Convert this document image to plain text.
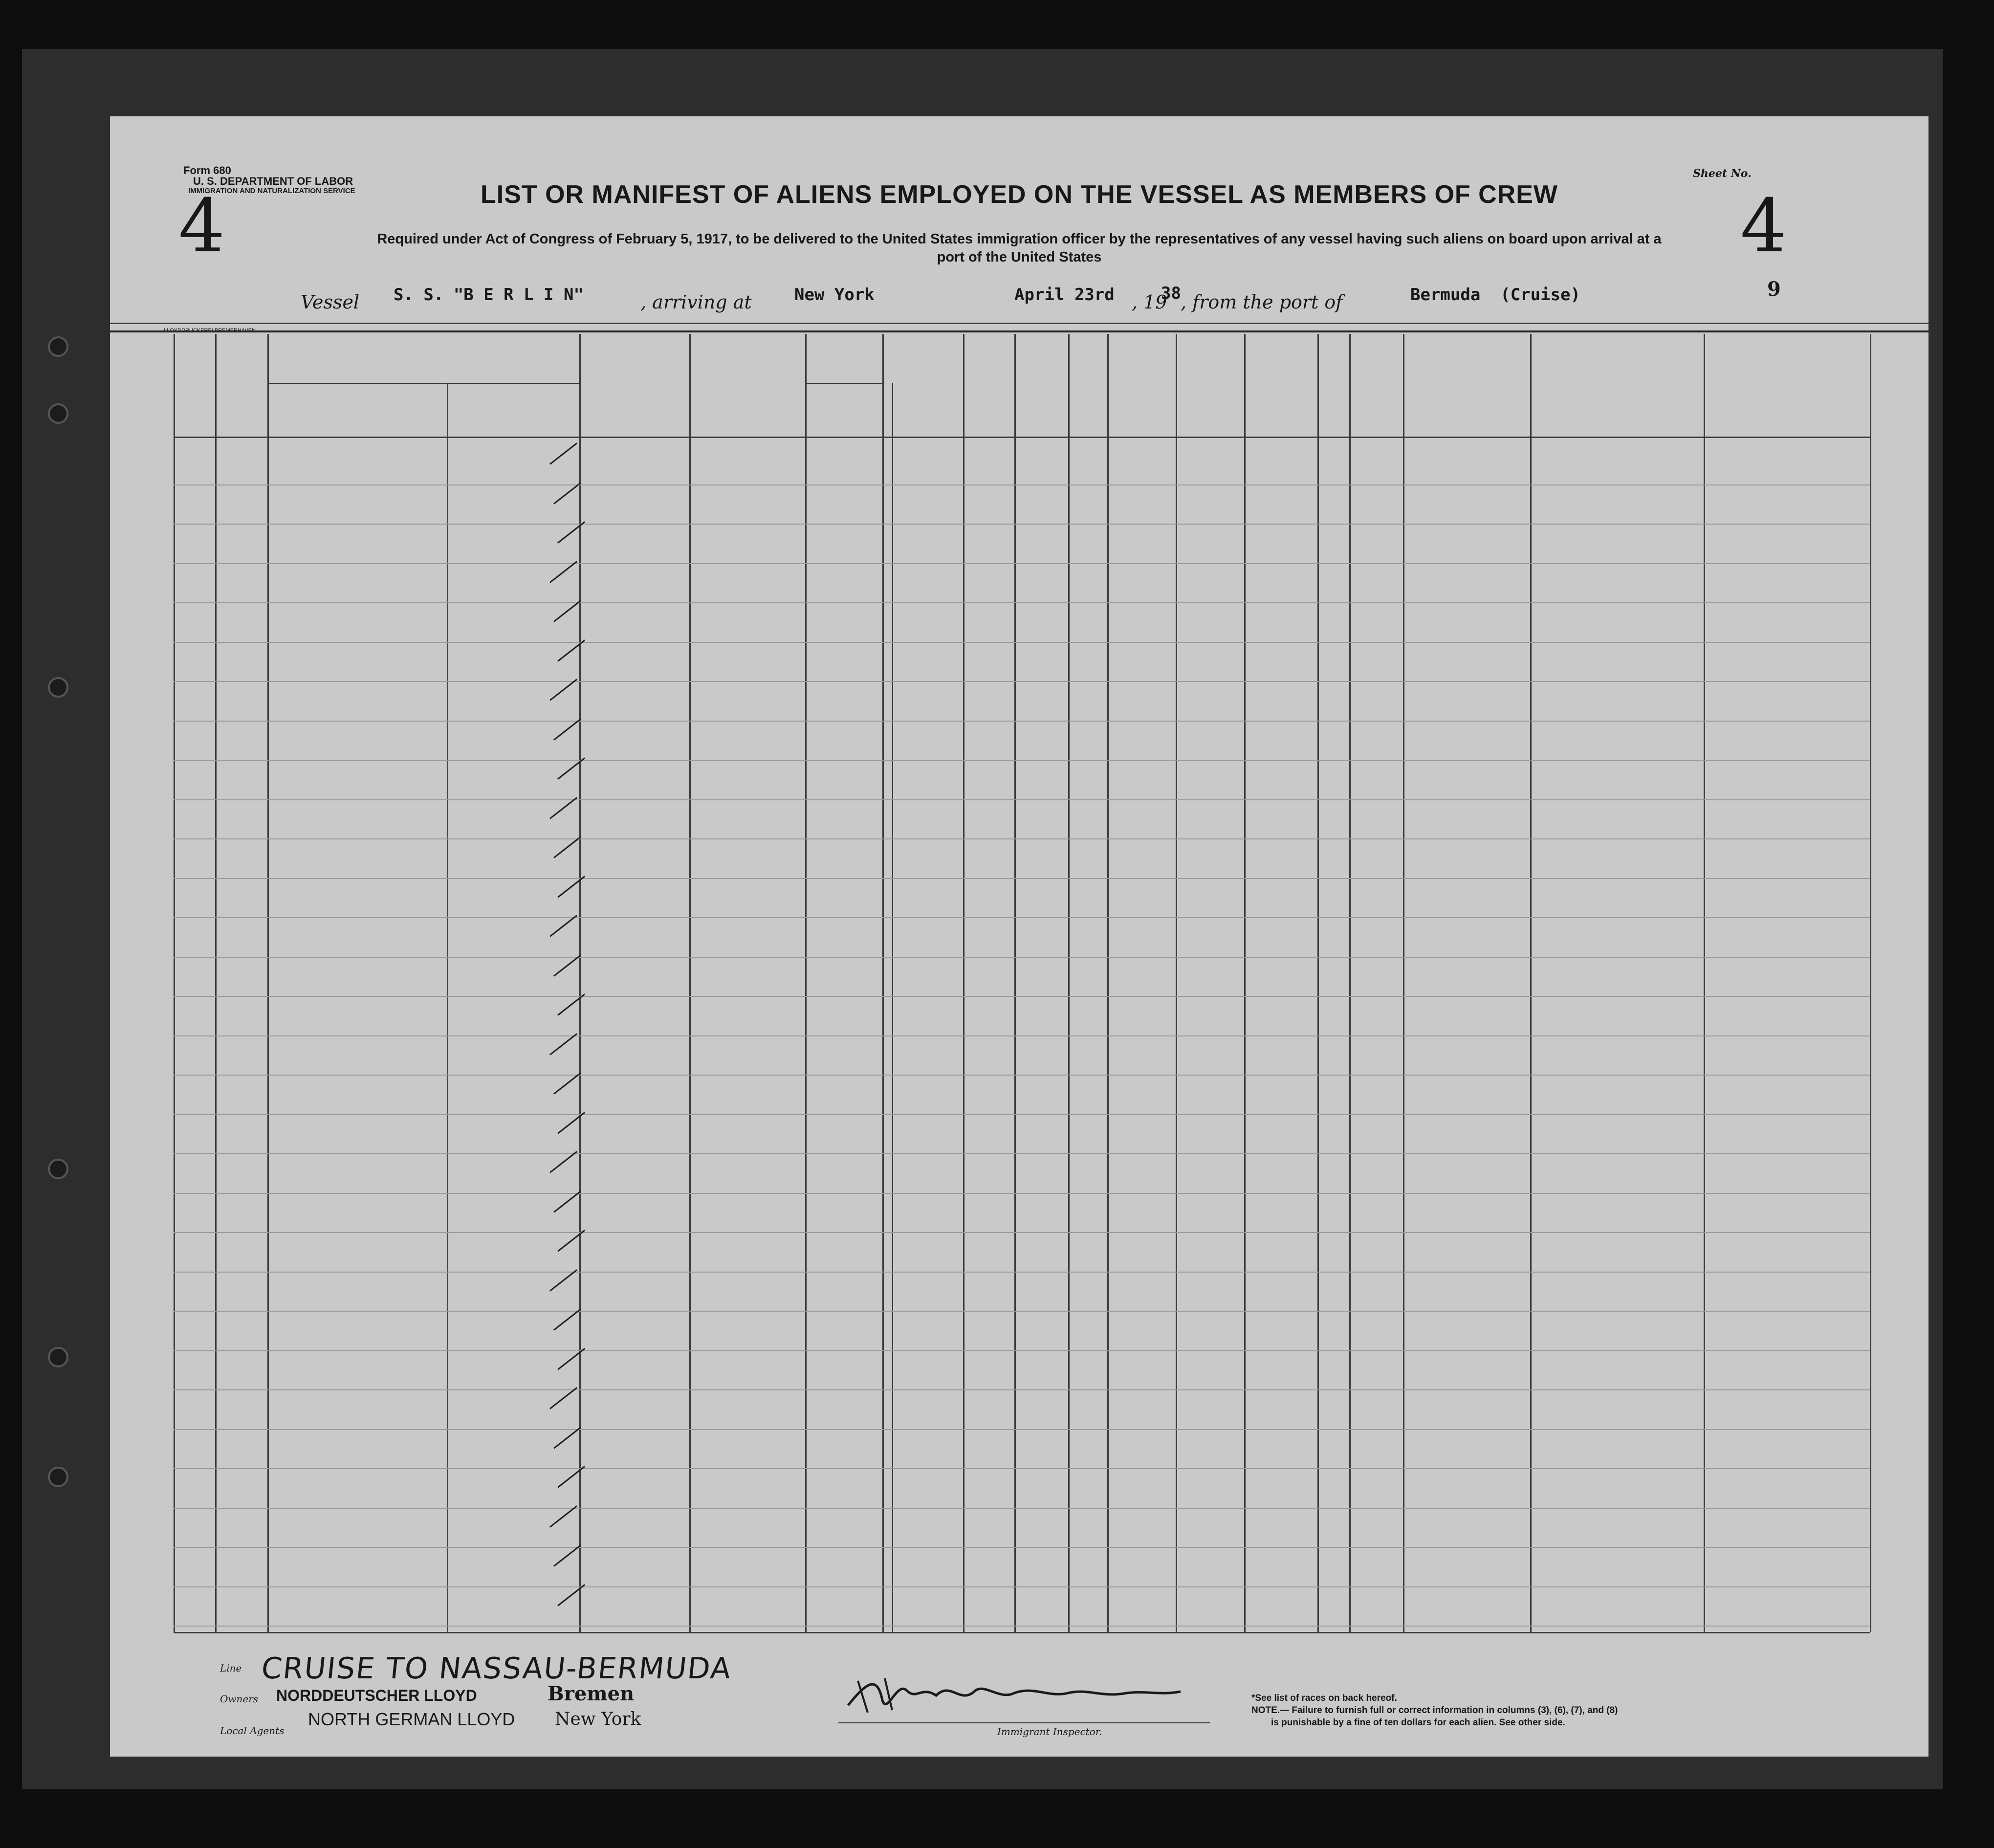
Form 680
U. S. DEPARTMENT OF LABOR
IMMIGRATION AND NATURALIZATION SERVICE
Sheet No.
4	4
9
LIST OR MANIFEST OF ALIENS EMPLOYED ON THE VESSEL AS MEMBERS OF CREW
Required under Act of Congress of February 5, 1917, to be delivered to the United States immigration officer by the representatives of any vessel having such aliens on board upon arrival at a
port of the United States
Vessel S. S. "B E R L I N"	, arriving at	New York	April 23rd , 19
38 , from the port of	Bermuda  (Cruise)
Line CRUISE TO NASSAU-BERMUDA
Owners NORDDEUTSCHER LLOYD	Bremen
Local Agents
NORTH GERMAN LLOYD New York
Immigrant Inspector.
*See list of races on back hereof.
NOTE.— Failure to furnish full or correct information in columns (3), (6), (7), and (8)
is punishable by a fine of ten dollars for each alien. See other side.
